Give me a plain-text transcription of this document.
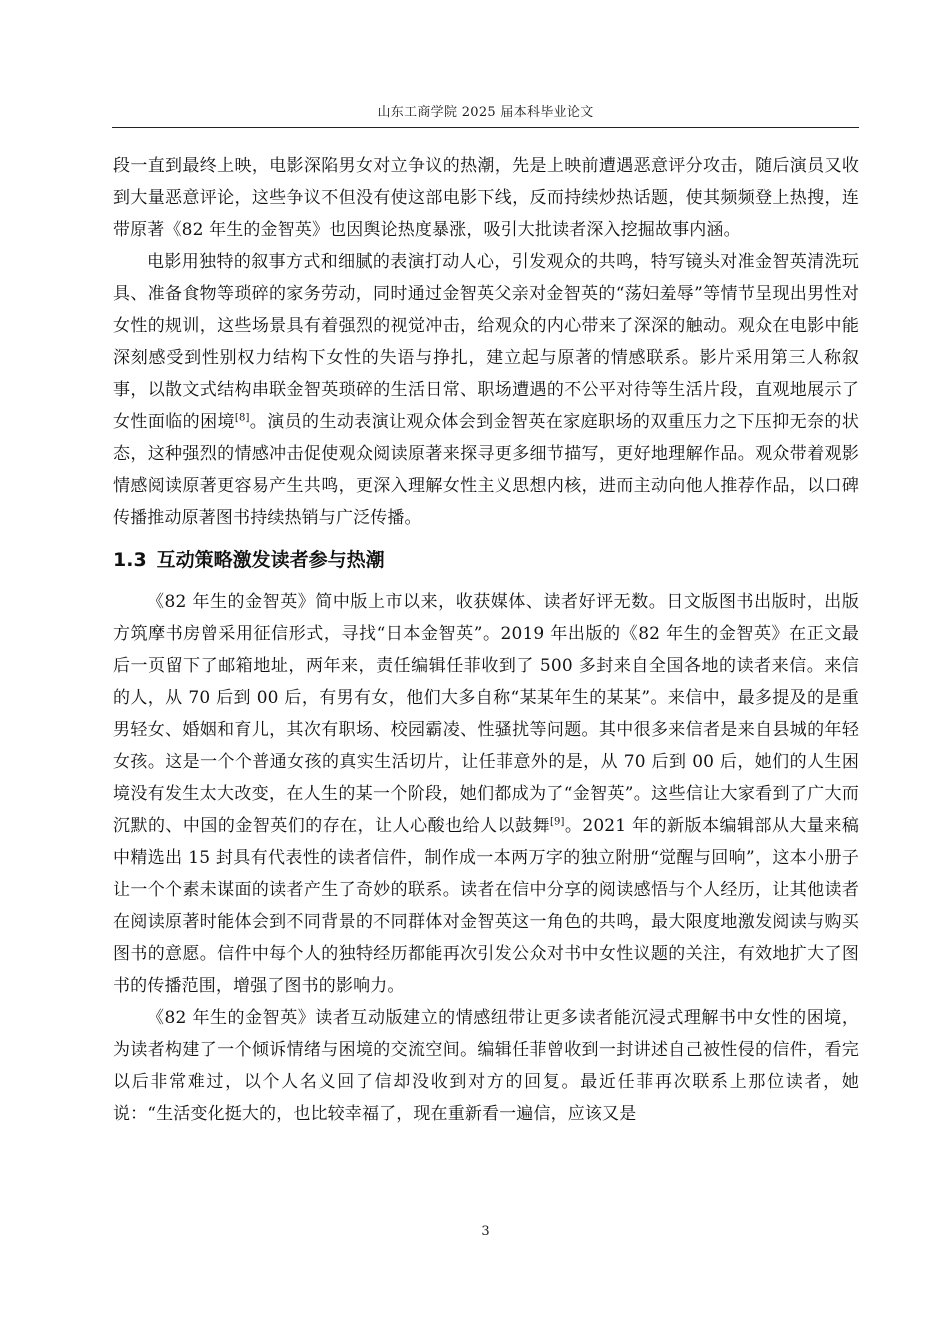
山东工商学院 2025 届本科毕业论文

段一直到最终上映，电影深陷男女对立争议的热潮，先是上映前遭遇恶意评分攻击，随后演员又收到大量恶意评论，这些争议不但没有使这部电影下线，反而持续炒热话题，使其频频登上热搜，连带原著《82 年生的金智英》也因舆论热度暴涨，吸引大批读者深入挖掘故事内涵。

电影用独特的叙事方式和细腻的表演打动人心，引发观众的共鸣，特写镜头对准金智英清洗玩具、准备食物等琐碎的家务劳动，同时通过金智英父亲对金智英的“荡妇羞辱”等情节呈现出男性对女性的规训，这些场景具有着强烈的视觉冲击，给观众的内心带来了深深的触动。观众在电影中能深刻感受到性别权力结构下女性的失语与挣扎，建立起与原著的情感联系。影片采用第三人称叙事，以散文式结构串联金智英琐碎的生活日常、职场遭遇的不公平对待等生活片段，直观地展示了女性面临的困境[8]。演员的生动表演让观众体会到金智英在家庭职场的双重压力之下压抑无奈的状态，这种强烈的情感冲击促使观众阅读原著来探寻更多细节描写，更好地理解作品。观众带着观影情感阅读原著更容易产生共鸣，更深入理解女性主义思想内核，进而主动向他人推荐作品，以口碑传播推动原著图书持续热销与广泛传播。

1.3 互动策略激发读者参与热潮

《82 年生的金智英》简中版上市以来，收获媒体、读者好评无数。日文版图书出版时，出版方筑摩书房曾采用征信形式，寻找“日本金智英”。2019 年出版的《82 年生的金智英》在正文最后一页留下了邮箱地址，两年来，责任编辑任菲收到了 500 多封来自全国各地的读者来信。来信的人，从 70 后到 00 后，有男有女，他们大多自称“某某年生的某某”。来信中，最多提及的是重男轻女、婚姻和育儿，其次有职场、校园霸凌、性骚扰等问题。其中很多来信者是来自县城的年轻女孩。这是一个个普通女孩的真实生活切片，让任菲意外的是，从 70 后到 00 后，她们的人生困境没有发生太大改变，在人生的某一个阶段，她们都成为了“金智英”。这些信让大家看到了广大而沉默的、中国的金智英们的存在，让人心酸也给人以鼓舞[9]。2021 年的新版本编辑部从大量来稿中精选出 15 封具有代表性的读者信件，制作成一本两万字的独立附册“觉醒与回响”，这本小册子让一个个素未谋面的读者产生了奇妙的联系。读者在信中分享的阅读感悟与个人经历，让其他读者在阅读原著时能体会到不同背景的不同群体对金智英这一角色的共鸣，最大限度地激发阅读与购买图书的意愿。信件中每个人的独特经历都能再次引发公众对书中女性议题的关注，有效地扩大了图书的传播范围，增强了图书的影响力。

《82 年生的金智英》读者互动版建立的情感纽带让更多读者能沉浸式理解书中女性的困境，为读者构建了一个倾诉情绪与困境的交流空间。编辑任菲曾收到一封讲述自己被性侵的信件，看完以后非常难过，以个人名义回了信却没收到对方的回复。最近任菲再次联系上那位读者，她说：“生活变化挺大的，也比较幸福了，现在重新看一遍信，应该又是

3
